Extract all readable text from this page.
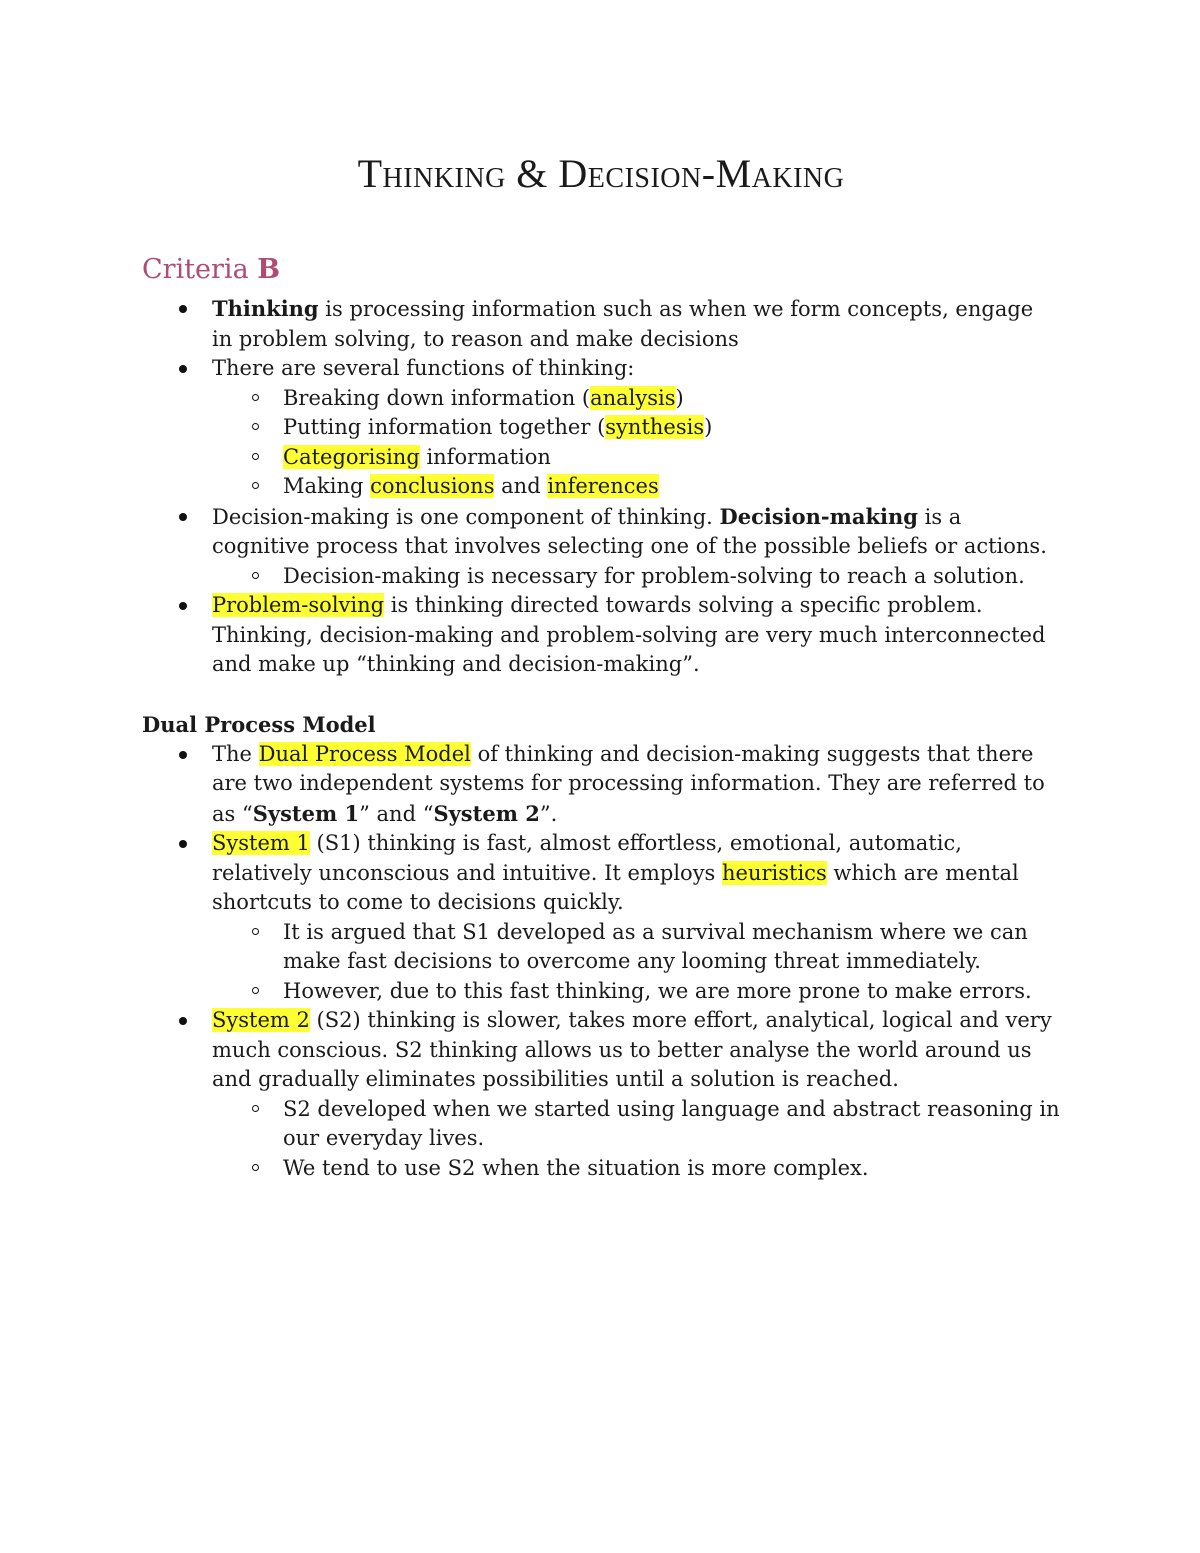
Thinking & Decision-Making
Criteria B
Thinking is processing information such as when we form concepts, engage in problem solving, to reason and make decisions
There are several functions of thinking:
Breaking down information (analysis)
Putting information together (synthesis)
Categorising information
Making conclusions and inferences
Decision-making is one component of thinking. Decision-making is a cognitive process that involves selecting one of the possible beliefs or actions.
Decision-making is necessary for problem-solving to reach a solution.
Problem-solving is thinking directed towards solving a specific problem. Thinking, decision-making and problem-solving are very much interconnected and make up “thinking and decision-making”.
Dual Process Model
The Dual Process Model of thinking and decision-making suggests that there are two independent systems for processing information. They are referred to as “System 1” and “System 2”.
System 1 (S1) thinking is fast, almost effortless, emotional, automatic, relatively unconscious and intuitive. It employs heuristics which are mental shortcuts to come to decisions quickly.
It is argued that S1 developed as a survival mechanism where we can make fast decisions to overcome any looming threat immediately.
However, due to this fast thinking, we are more prone to make errors.
System 2 (S2) thinking is slower, takes more effort, analytical, logical and very much conscious. S2 thinking allows us to better analyse the world around us and gradually eliminates possibilities until a solution is reached.
S2 developed when we started using language and abstract reasoning in our everyday lives.
We tend to use S2 when the situation is more complex.
